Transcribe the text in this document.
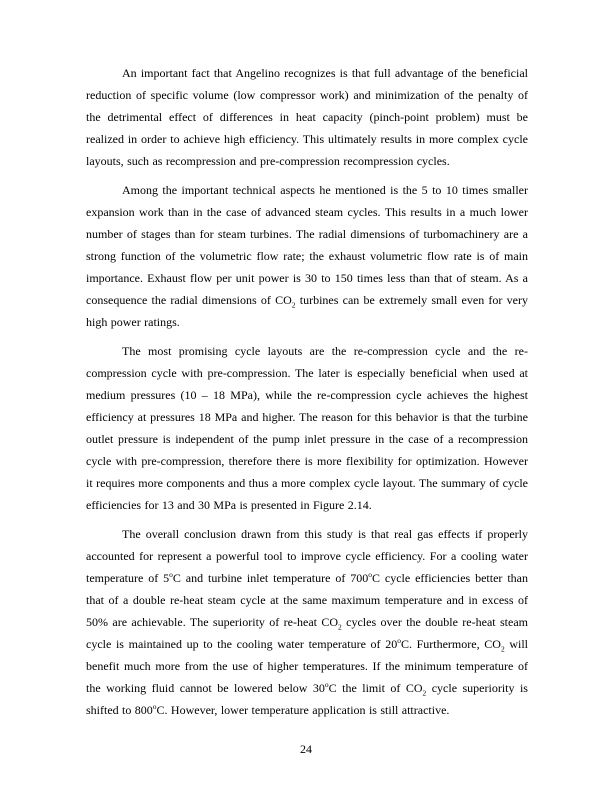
An important fact that Angelino recognizes is that full advantage of the beneficial reduction of specific volume (low compressor work) and minimization of the penalty of the detrimental effect of differences in heat capacity (pinch-point problem) must be realized in order to achieve high efficiency. This ultimately results in more complex cycle layouts, such as recompression and pre-compression recompression cycles.

Among the important technical aspects he mentioned is the 5 to 10 times smaller expansion work than in the case of advanced steam cycles. This results in a much lower number of stages than for steam turbines. The radial dimensions of turbomachinery are a strong function of the volumetric flow rate; the exhaust volumetric flow rate is of main importance. Exhaust flow per unit power is 30 to 150 times less than that of steam. As a consequence the radial dimensions of $CO_2$ turbines can be extremely small even for very high power ratings.

The most promising cycle layouts are the re-compression cycle and the re-compression cycle with pre-compression. The later is especially beneficial when used at medium pressures (10 – 18 MPa), while the re-compression cycle achieves the highest efficiency at pressures 18 MPa and higher. The reason for this behavior is that the turbine outlet pressure is independent of the pump inlet pressure in the case of a recompression cycle with pre-compression, therefore there is more flexibility for optimization. However it requires more components and thus a more complex cycle layout. The summary of cycle efficiencies for 13 and 30 MPa is presented in Figure 2.14.

The overall conclusion drawn from this study is that real gas effects if properly accounted for represent a powerful tool to improve cycle efficiency. For a cooling water temperature of 5$^o$C and turbine inlet temperature of 700$^o$C cycle efficiencies better than that of a double re-heat steam cycle at the same maximum temperature and in excess of 50% are achievable. The superiority of re-heat $CO_2$ cycles over the double re-heat steam cycle is maintained up to the cooling water temperature of 20$^o$C. Furthermore, $CO_2$ will benefit much more from the use of higher temperatures. If the minimum temperature of the working fluid cannot be lowered below 30$^o$C the limit of $CO_2$ cycle superiority is shifted to 800$^o$C. However, lower temperature application is still attractive.

24
